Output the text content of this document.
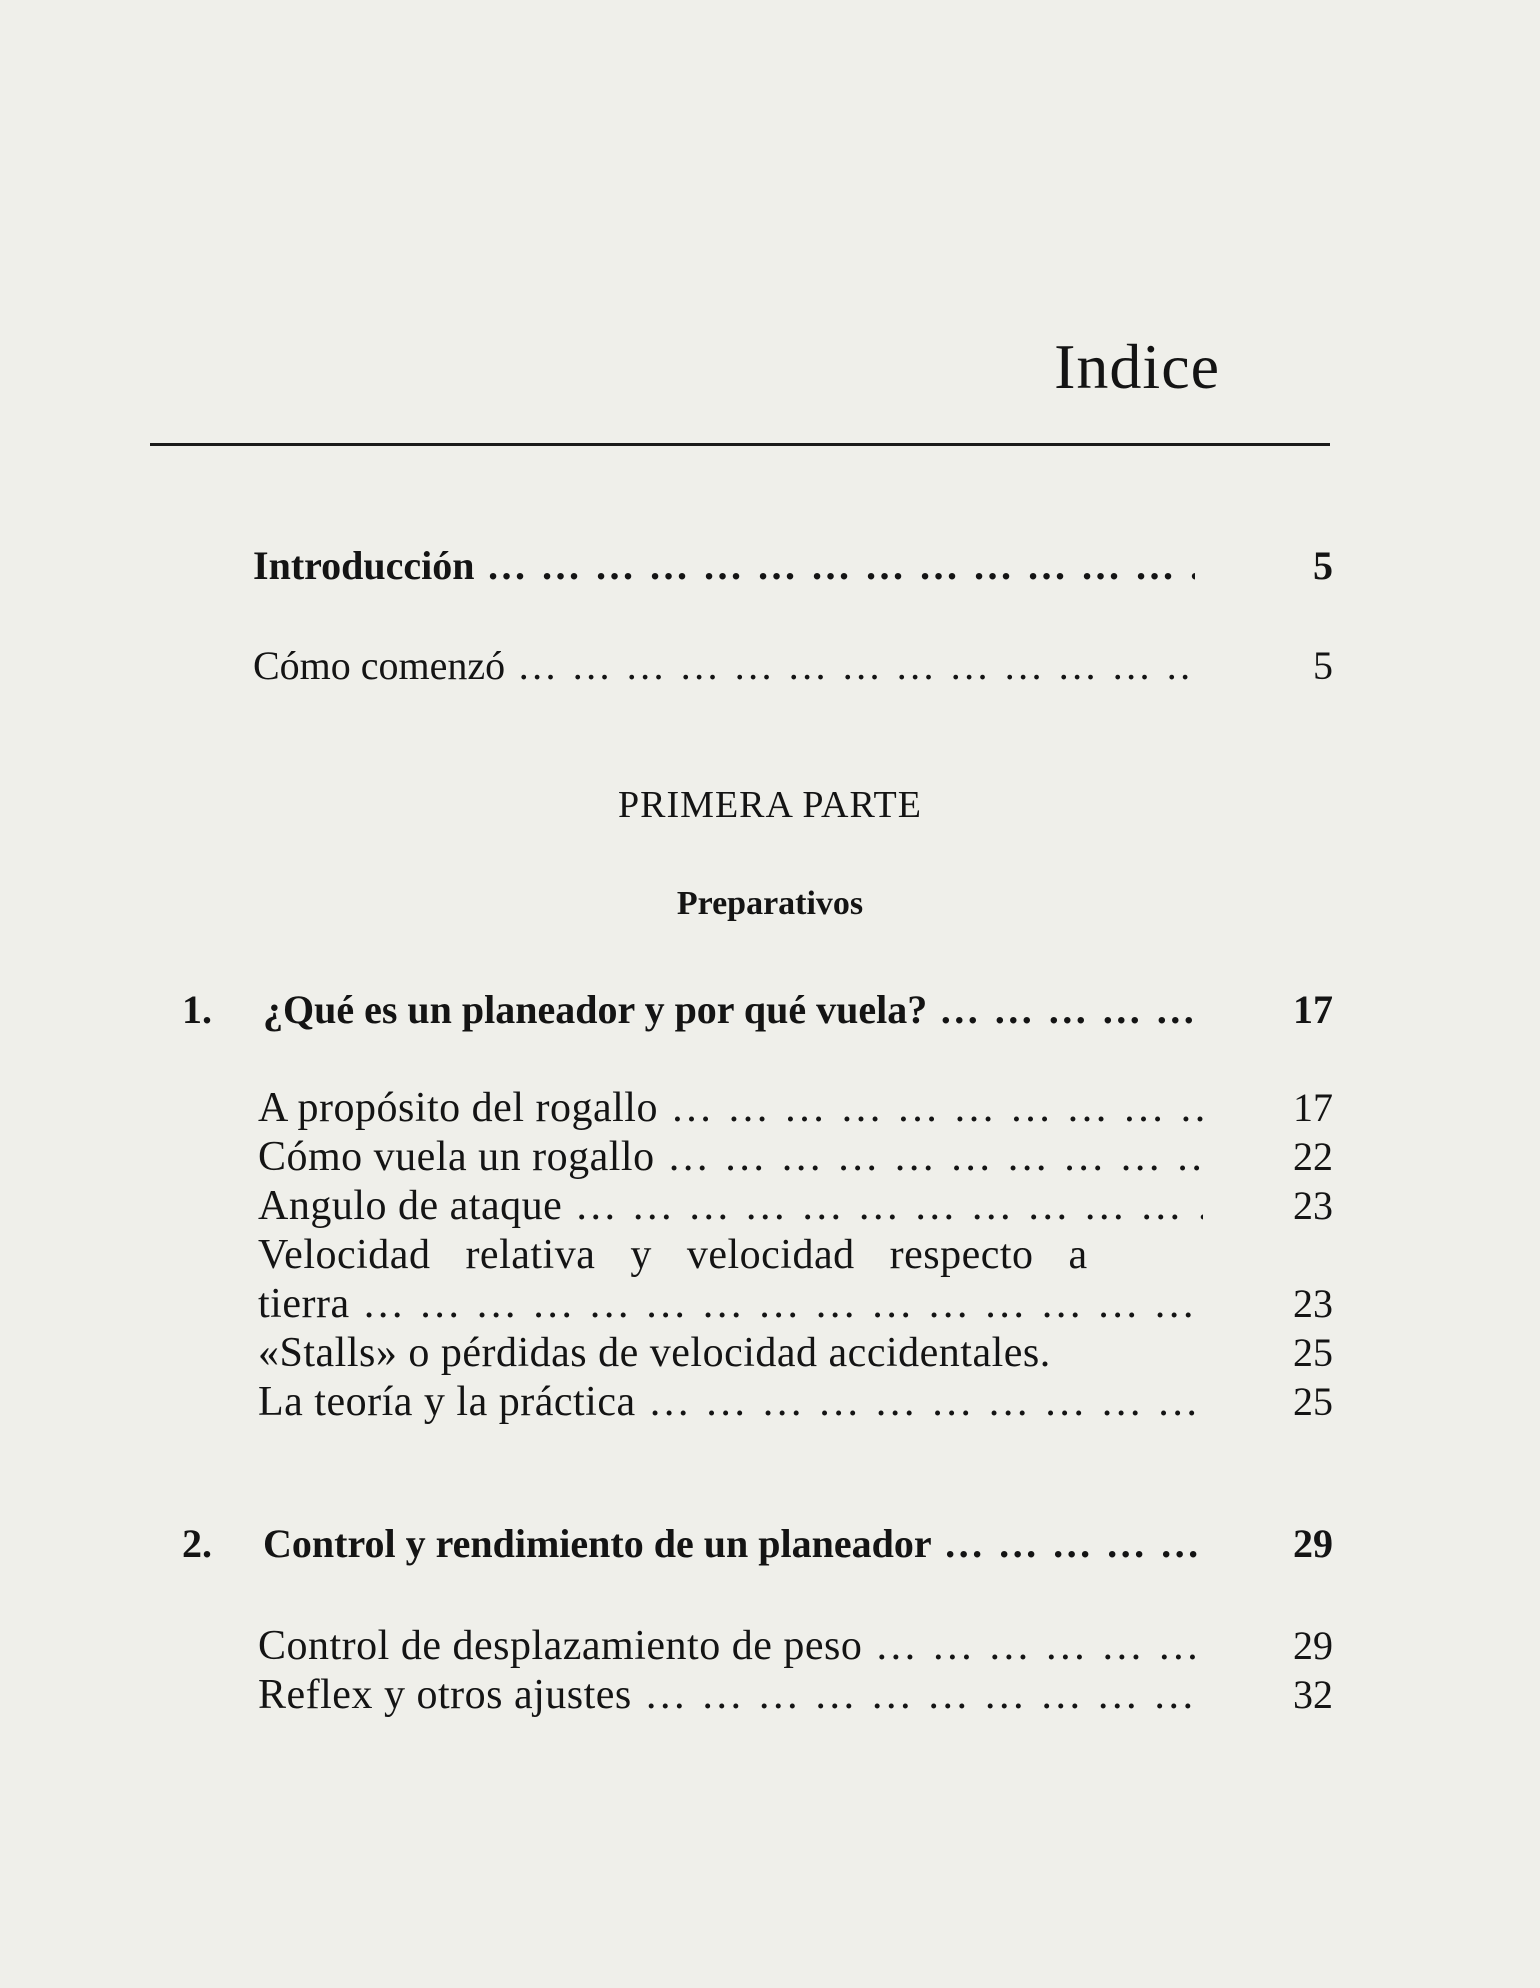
Indice
Introducción … … … … … … … … … … … … … … … … … … … … … … … … … … … … … …	5
Cómo comenzó … … … … … … … … … … … … … … … … … … … … … … … … … … … … … …	5
PRIMERA PARTE
Preparativos
1. ¿Qué es un planeador y por qué vuela? … … … … … … … … … … … … … … … … … … … … … … … … … … … … … …	17
A propósito del rogallo … … … … … … … … … … … … … … … … … … … … … … … … … … … … … …	17
Cómo vuela un rogallo … … … … … … … … … … … … … … … … … … … … … … … … … … … … … …	22
Angulo de ataque … … … … … … … … … … … … … … … … … … … … … … … … … … … … … …	23
Velocidad relativa y velocidad respecto a
tierra … … … … … … … … … … … … … … … … … … … … … … … … … … … … … …	23
«Stalls» o pérdidas de velocidad accidentales.	25
La teoría y la práctica … … … … … … … … … … … … … … … … … … … … … … … … … … … … … …	25
2. Control y rendimiento de un planeador … … … … … … … … … … … … … … … … … … … … … … … … … … … … … …	29
Control de desplazamiento de peso … … … … … … … … … … … … … … … … … … … … … … … … … … … … … …	29
Reflex y otros ajustes … … … … … … … … … … … … … … … … … … … … … … … … … … … … … …	32
